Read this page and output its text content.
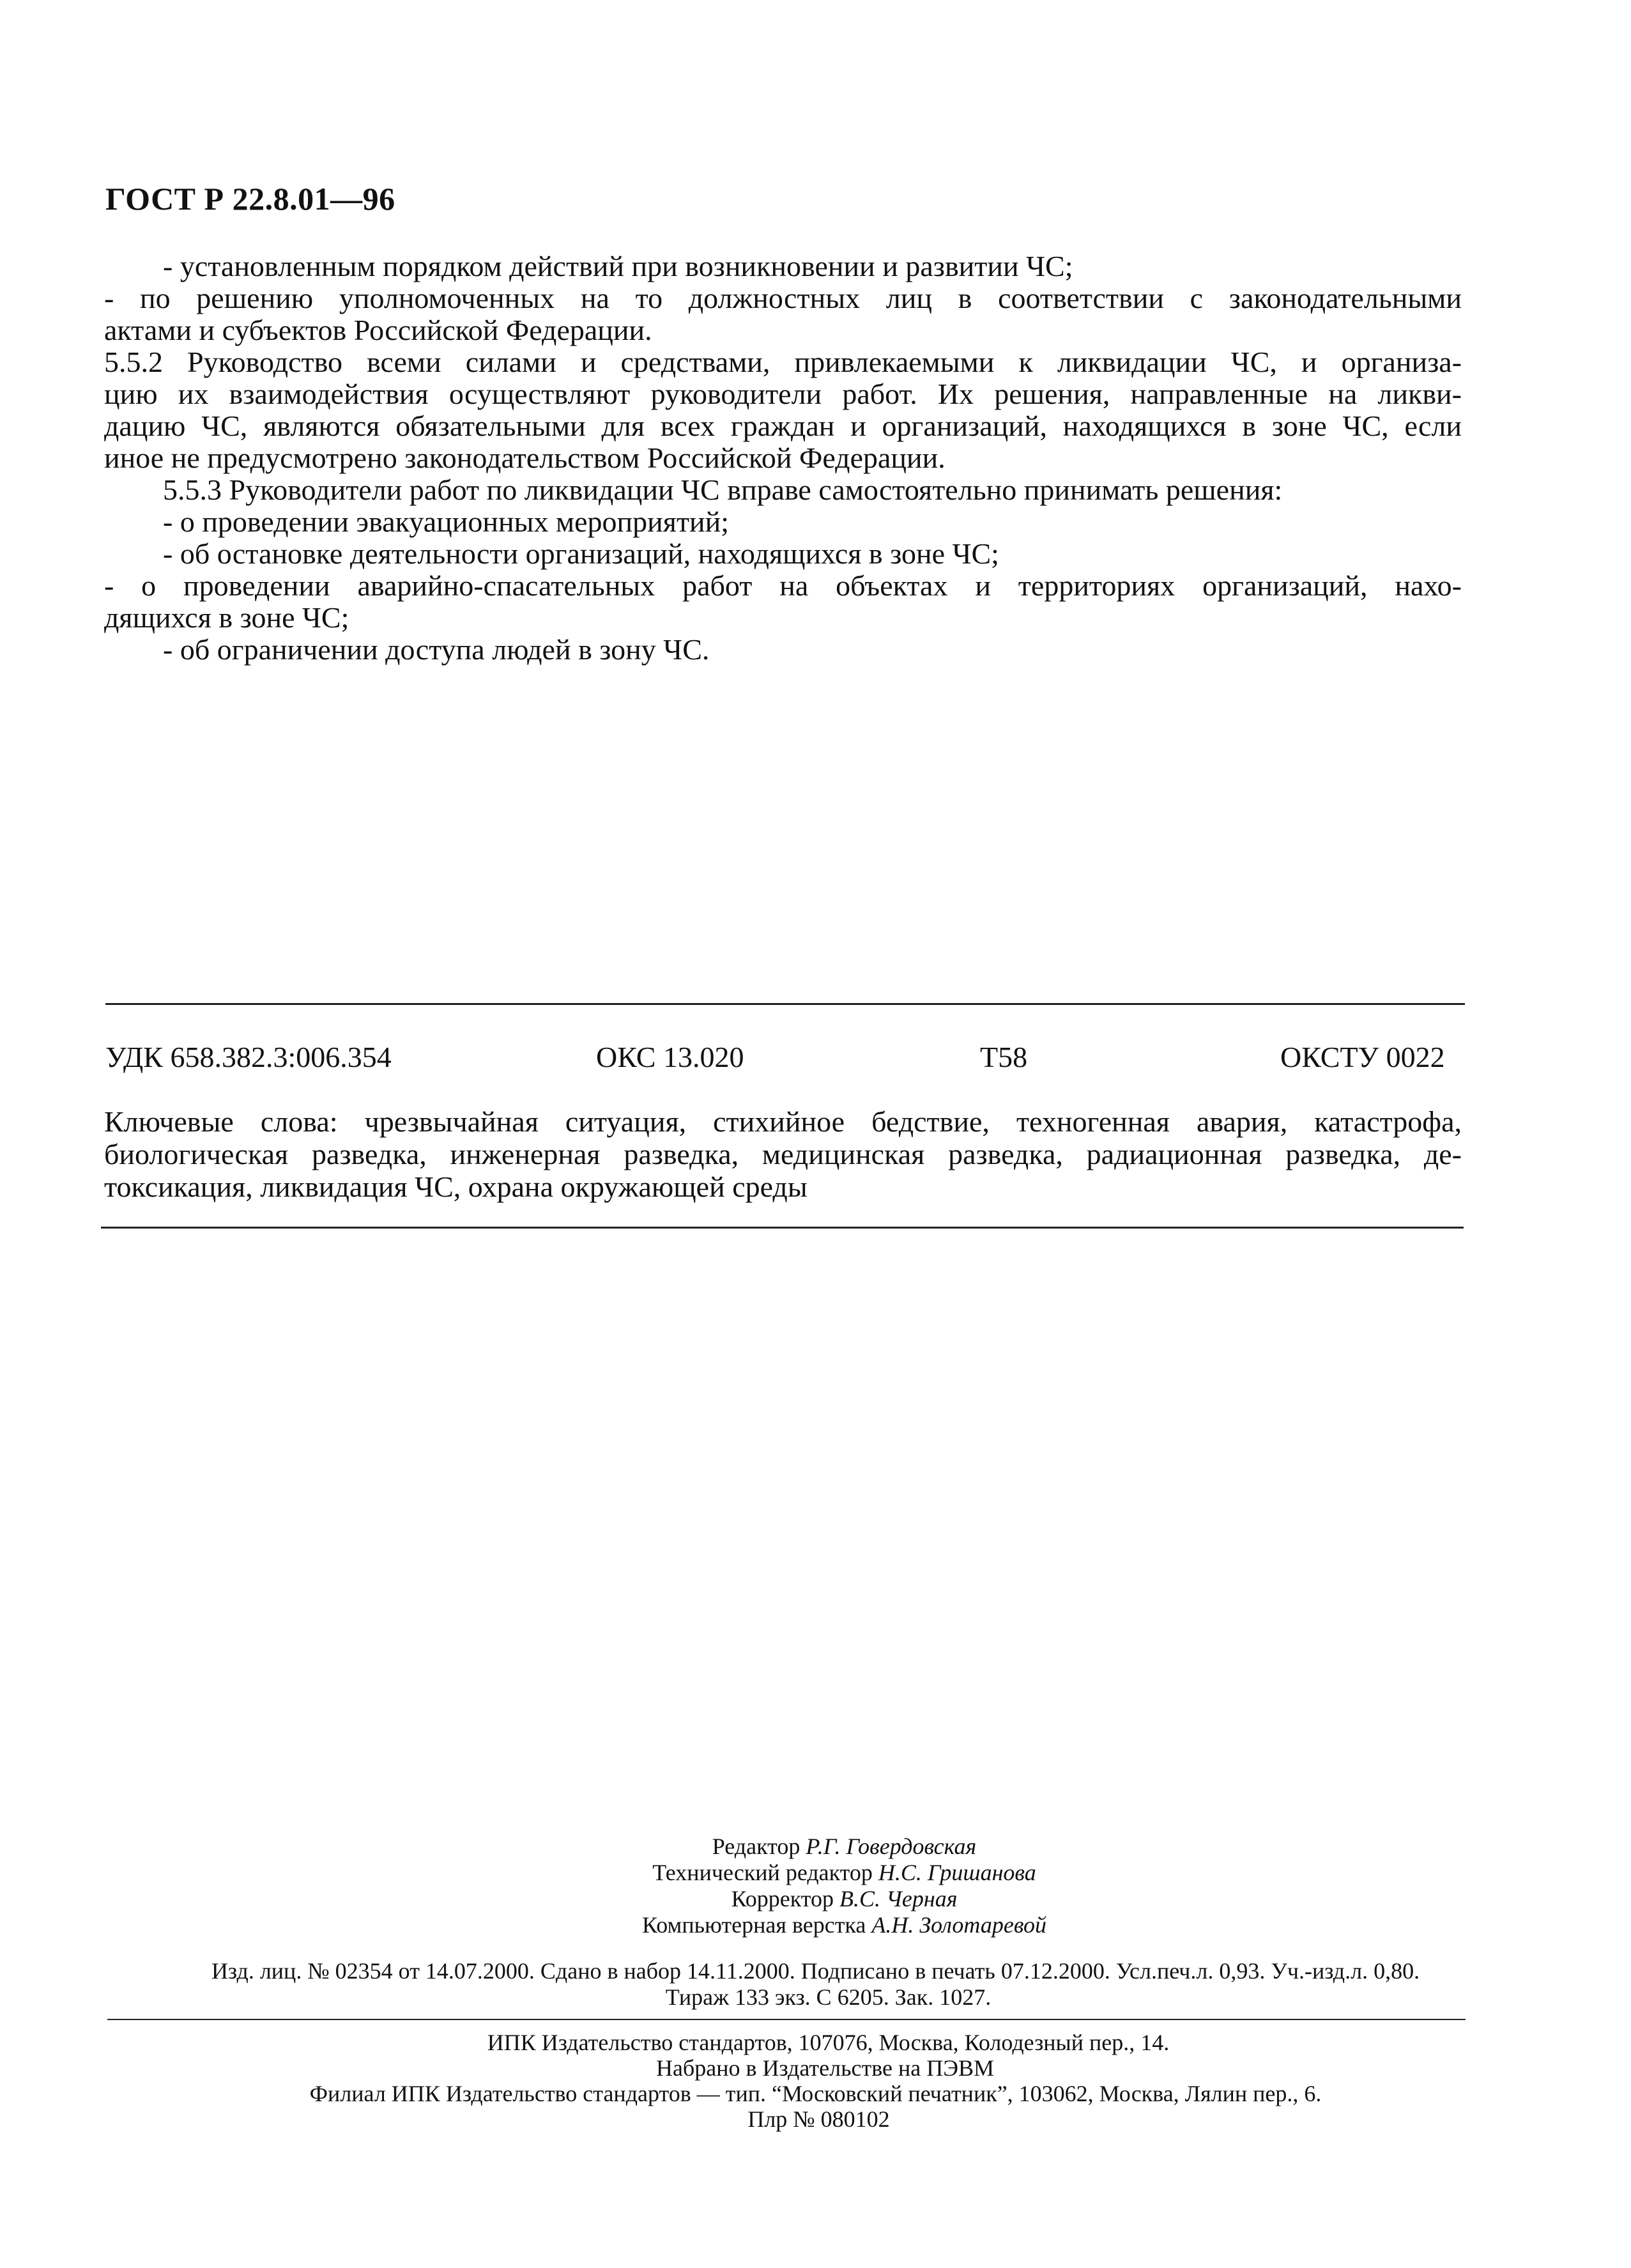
ГОСТ Р 22.8.01—96
- установленным порядком действий при возникновении и развитии ЧС;
- по решению уполномоченных на то должностных лиц в соответствии с законодательными
актами и субъектов Российской Федерации.
5.5.2 Руководство всеми силами и средствами, привлекаемыми к ликвидации ЧС, и организа-
цию их взаимодействия осуществляют руководители работ. Их решения, направленные на ликви-
дацию ЧС, являются обязательными для всех граждан и организаций, находящихся в зоне ЧС, если
иное не предусмотрено законодательством Российской Федерации.
5.5.3 Руководители работ по ликвидации ЧС вправе самостоятельно принимать решения:
- о проведении эвакуационных мероприятий;
- об остановке деятельности организаций, находящихся в зоне ЧС;
- о проведении аварийно-спасательных работ на объектах и территориях организаций, нахо-
дящихся в зоне ЧС;
- об ограничении доступа людей в зону ЧС.
УДК 658.382.3:006.354	ОКС 13.020	Т58	ОКСТУ 0022
Ключевые слова: чрезвычайная ситуация, стихийное бедствие, техногенная авария, катастрофа,
биологическая разведка, инженерная разведка, медицинская разведка, радиационная разведка, де-
токсикация, ликвидация ЧС, охрана окружающей среды
Редактор Р.Г. Говердовская
Технический редактор Н.С. Гришанова
Корректор В.С. Черная
Компьютерная верстка А.Н. Золотаревой
Изд. лиц. № 02354 от 14.07.2000. Сдано в набор 14.11.2000. Подписано в печать 07.12.2000. Усл.печ.л. 0,93. Уч.-изд.л. 0,80.
Тираж 133 экз. С 6205. Зак. 1027.
ИПК Издательство стандартов, 107076, Москва, Колодезный пер., 14.
Набрано в Издательстве на ПЭВМ
Филиал ИПК Издательство стандартов — тип. “Московский печатник”, 103062, Москва, Лялин пер., 6.
Плр № 080102
